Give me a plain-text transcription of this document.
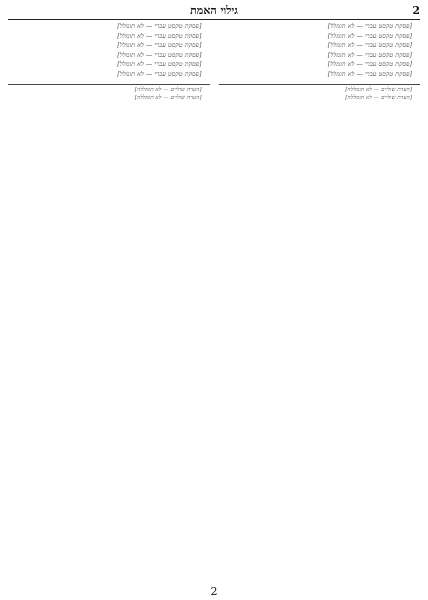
2
גילוי האמת

[פסקת טקסט עברי — לא תומלל]

[פסקת טקסט עברי — לא תומלל]

[פסקת טקסט עברי — לא תומלל]

[פסקת טקסט עברי — לא תומלל]

[פסקת טקסט עברי — לא תומלל]

[פסקת טקסט עברי — לא תומלל]

[הערת שוליים — לא תומללה]

[הערת שוליים — לא תומללה]

[פסקת טקסט עברי — לא תומלל]

[פסקת טקסט עברי — לא תומלל]

[פסקת טקסט עברי — לא תומלל]

[פסקת טקסט עברי — לא תומלל]

[פסקת טקסט עברי — לא תומלל]

[פסקת טקסט עברי — לא תומלל]

[הערת שוליים — לא תומללה]

[הערת שוליים — לא תומללה]

2
